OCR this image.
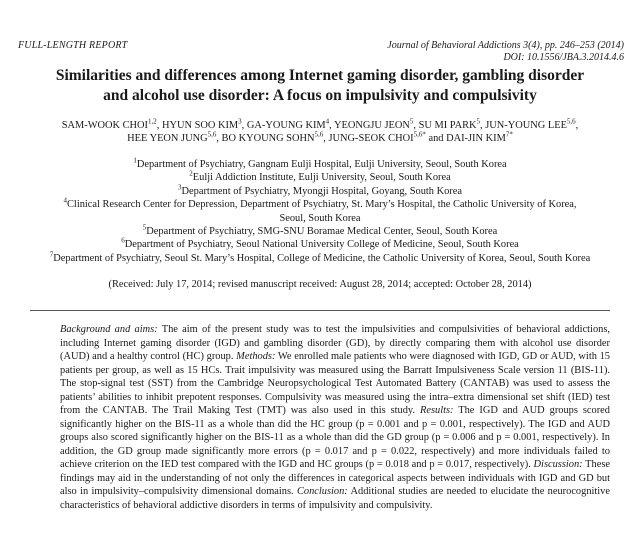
FULL-LENGTH REPORT	Journal of Behavioral Addictions 3(4), pp. 246–253 (2014)
DOI: 10.1556/JBA.3.2014.4.6
Similarities and differences among Internet gaming disorder, gambling disorder
and alcohol use disorder: A focus on impulsivity and compulsivity
SAM-WOOK CHOI$^{1,2}$, HYUN SOO KIM$^3$, GA-YOUNG KIM$^4$, YEONGJU JEON$^5$, SU MI PARK$^5$, JUN-YOUNG LEE$^{5,6}$,
HEE YEON JUNG$^{5,6}$, BO KYOUNG SOHN$^{5,6}$, JUNG-SEOK $CHOI^{5,6*}$ and DAI-JIN $KIM^{7*}$
$^1$Department of Psychiatry, Gangnam Eulji Hospital, Eulji University, Seoul, South Korea
$^2$Eulji Addiction Institute, Eulji University, Seoul, South Korea
$^3$Department of Psychiatry, Myongji Hospital, Goyang, South Korea
$^4$Clinical Research Center for Depression, Department of Psychiatry, St. Mary’s Hospital, the Catholic University of Korea,
Seoul, South Korea
$^5$Department of Psychiatry, SMG-SNU Boramae Medical Center, Seoul, South Korea
$^6$Department of Psychiatry, Seoul National University College of Medicine, Seoul, South Korea
$^7$Department of Psychiatry, Seoul St. Mary’s Hospital, College of Medicine, the Catholic University of Korea, Seoul, South Korea
(Received: July 17, 2014; revised manuscript received: August 28, 2014; accepted: October 28, 2014)
Background and aims: The aim of the present study was to test the impulsivities and compulsivities of behavioral addictions, including Internet gaming disorder (IGD) and gambling disorder (GD), by directly comparing them with alcohol use disorder (AUD) and a healthy control (HC) group. Methods: We enrolled male patients who were diagnosed with IGD, GD or AUD, with 15 patients per group, as well as 15 HCs. Trait impulsivity was measured using the Barratt Impulsiveness Scale version 11 (BIS-11). The stop-signal test (SST) from the Cambridge Neuropsychological Test Automated Battery (CANTAB) was used to assess the patients’ abilities to inhibit prepotent responses. Compulsivity was measured using the intra–extra dimensional set shift (IED) test from the CANTAB. The Trail Making Test (TMT) was also used in this study. Results: The IGD and AUD groups scored significantly higher on the BIS-11 as a whole than did the HC group (p = 0.001 and p = 0.001, respectively). The IGD and AUD groups also scored significantly higher on the BIS-11 as a whole than did the GD group (p = 0.006 and p = 0.001, respectively). In addition, the GD group made significantly more errors (p = 0.017 and p = 0.022, respectively) and more individuals failed to achieve criterion on the IED test compared with the IGD and HC groups (p = 0.018 and p = 0.017, respectively). Discussion: These findings may aid in the understanding of not only the differences in categorical aspects between individuals with IGD and GD but also in impulsivity–compulsivity dimensional domains. Conclusion: Additional studies are needed to elucidate the neurocognitive characteristics of behavioral addictive disorders in terms of impulsivity and compulsivity.
